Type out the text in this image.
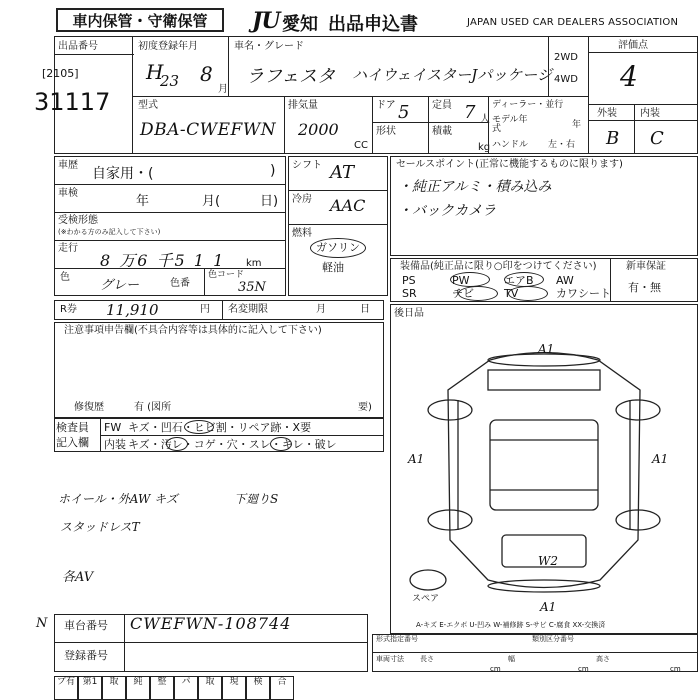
車内保管・守衛保管	JU 愛知 出品申込書	JAPAN USED CAR DEALERS ASSOCIATION
出品番号
[2105]
31117
初度登録年月
H
23 8
月
車名・グレード
ラフェスタ ハイウェイスターJパッケージ
2WD
4WD
評価点
4
外装 内装
B C
型式
DBA-CWEFWN
排気量
2000
CC
ドア 5
形状
定員 7 人
積載
kg
ディーラー・並行
モデル年式	年
ハンドル 左・右
車歴
自家用・(	)
車検
年	月(	日)
受検形態
(※わかる方のみ記入して下さい)
走行
8 万6 千5 1 1 km
色
グレー	色番
色コード
35N
シフト AT
冷房 AAC
燃料
ガソリン
軽油
セールスポイント(正常に機能するものに限ります)
・純正アルミ・積み込み
・バックカメラ
装備品(純正品に限り○印をつけてください)	新車保証
有・無
PS	PW	エアB AW
SR	チビ	TV	カワシート
R券 11,910	円 名変期限	月	日
注意事項申告欄(不具合内容等は具体的に記入して下さい)
修復歴	有 (図所	要)
検査員
記入欄
FW キズ・凹石・ヒビ割・リペア跡・X要
内装 キズ・汚レ・コゲ・穴・スレ・キレ・破レ
ホイール・外AW キズ	下廻りS
スタッドレスT
各AV
後日品
A1
A1	A1
W2
A1
スペア
A-キズ E-エクボ U-凹み W-補修跡 S-サビ C-腐食 XX-交換済
N 車台番号 CWEFWN-108744
登録番号
形式指定番号	類別区分番号
車両寸法 長さ	幅	高さ
cm	cm	cm
プ有 第1	取	純	整	パ	取	現	検	合
